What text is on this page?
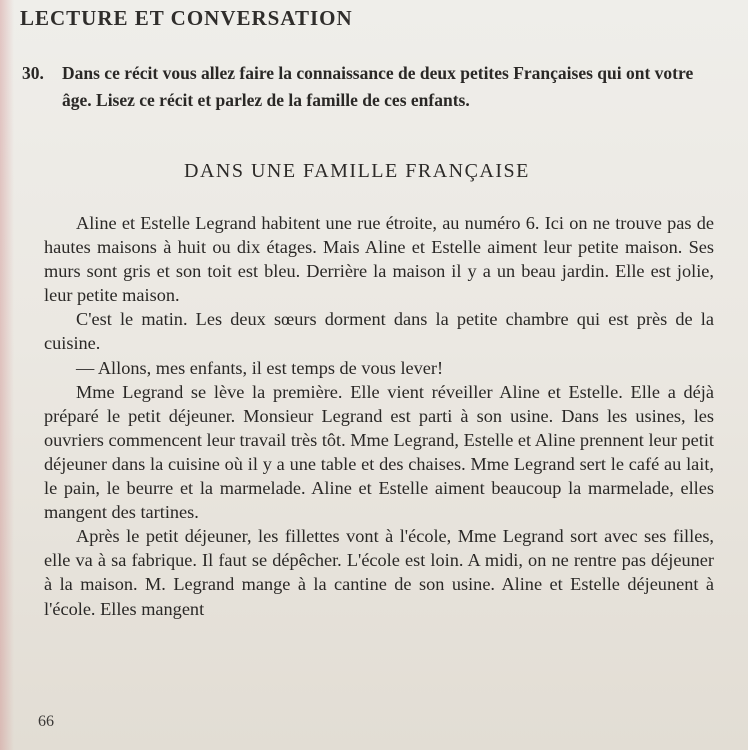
LECTURE ET CONVERSATION
30.	Dans ce récit vous allez faire la connaissance de deux petites Françaises qui ont votre âge. Lisez ce récit et parlez de la famille de ces enfants.
DANS UNE FAMILLE FRANÇAISE

Aline et Estelle Legrand habitent une rue étroite, au numéro 6. Ici on ne trouve pas de hautes maisons à huit ou dix étages. Mais Aline et Estelle aiment leur petite maison. Ses murs sont gris et son toit est bleu. Derrière la maison il y a un beau jardin. Elle est jolie, leur petite maison.

C'est le matin. Les deux sœurs dorment dans la petite chambre qui est près de la cuisine.

— Allons, mes enfants, il est temps de vous lever!

Mme Legrand se lève la première. Elle vient réveiller Aline et Estelle. Elle a déjà préparé le petit déjeuner. Monsieur Legrand est parti à son usine. Dans les usines, les ouvriers commencent leur travail très tôt. Mme Legrand, Estelle et Aline prennent leur petit déjeuner dans la cuisine où il y a une table et des chaises. Mme Legrand sert le café au lait, le pain, le beurre et la marmelade. Aline et Estelle aiment beaucoup la marmelade, elles mangent des tartines.

Après le petit déjeuner, les fillettes vont à l'école, Mme Legrand sort avec ses filles, elle va à sa fabrique. Il faut se dépêcher. L'école est loin. A midi, on ne rentre pas déjeuner à la maison. M. Legrand mange à la cantine de son usine. Aline et Estelle déjeunent à l'école. Elles mangent

66
